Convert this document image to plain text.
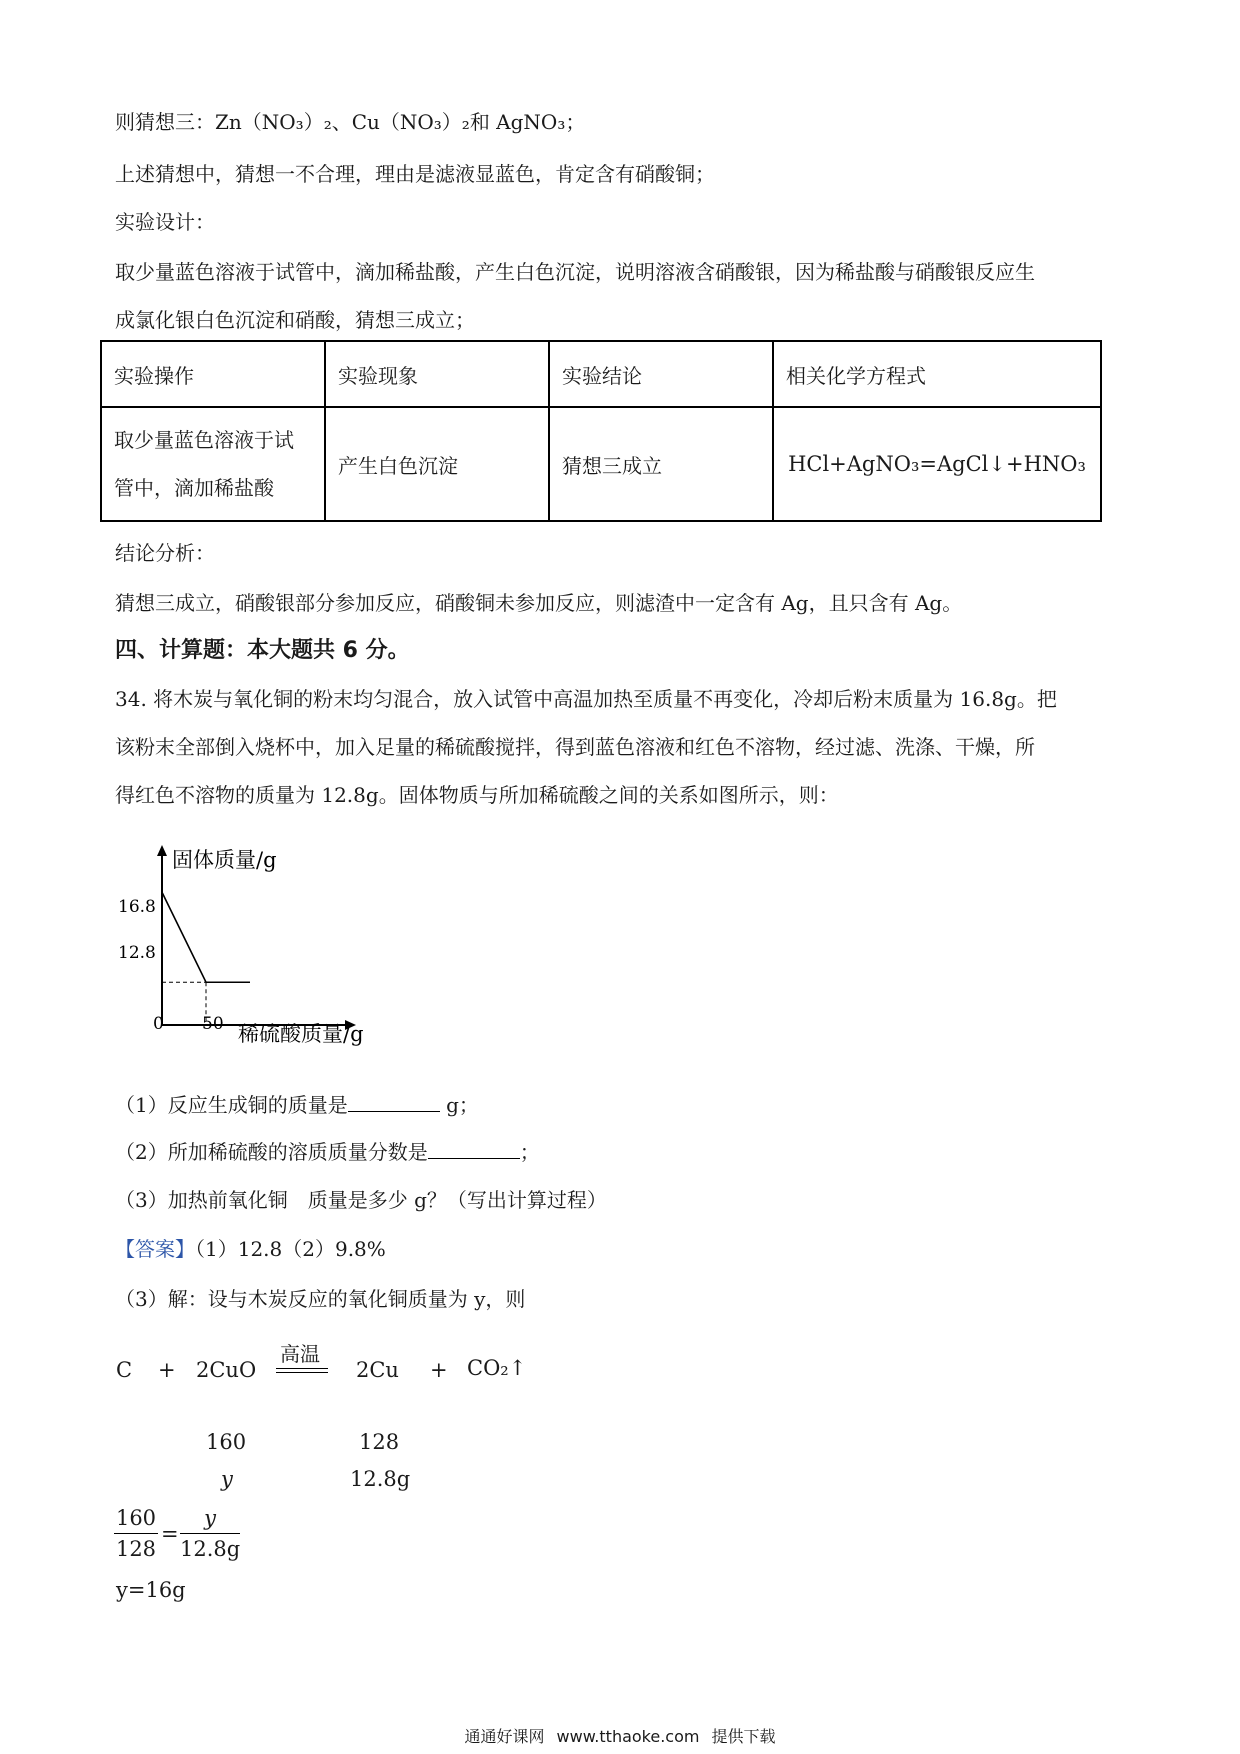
则猜想三：Zn（NO₃）₂、Cu（NO₃）₂和 AgNO₃；
上述猜想中，猜想一不合理，理由是滤液显蓝色，肯定含有硝酸铜；
实验设计：
取少量蓝色溶液于试管中，滴加稀盐酸，产生白色沉淀，说明溶液含硝酸银，因为稀盐酸与硝酸银反应生
成氯化银白色沉淀和硝酸，猜想三成立；
实验操作	实验现象	实验结论	相关化学方程式

取少量蓝色溶液于试
管中，滴加稀盐酸	产生白色沉淀	猜想三成立	HCl+AgNO₃=AgCl↓+HNO₃
结论分析：
猜想三成立，硝酸银部分参加反应，硝酸铜未参加反应，则滤渣中一定含有 Ag，且只含有 Ag。
四、计算题：本大题共 6 分。
34. 将木炭与氧化铜的粉末均匀混合，放入试管中高温加热至质量不再变化，冷却后粉末质量为 16.8g。把
该粉末全部倒入烧杯中，加入足量的稀硫酸搅拌，得到蓝色溶液和红色不溶物，经过滤、洗涤、干燥，所
得红色不溶物的质量为 12.8g。固体物质与所加稀硫酸之间的关系如图所示，则：
固体质量/g
稀硫酸质量/g
0 50
16.8
12.8
（1）反应生成铜的质量是	g；
（2）所加稀硫酸的溶质质量分数是	；
（3）加热前氧化铜　质量是多少 g？（写出计算过程）
【答案】（1）12.8（2）9.8%
（3）解：设与木炭反应的氧化铜质量为 y，则
C + 2CuO
高温
2Cu + CO₂↑
160	128
y	12.8g
160
128
=
y
12.8g
y=16g
通通好课网 www.tthaoke.com 提供下载
